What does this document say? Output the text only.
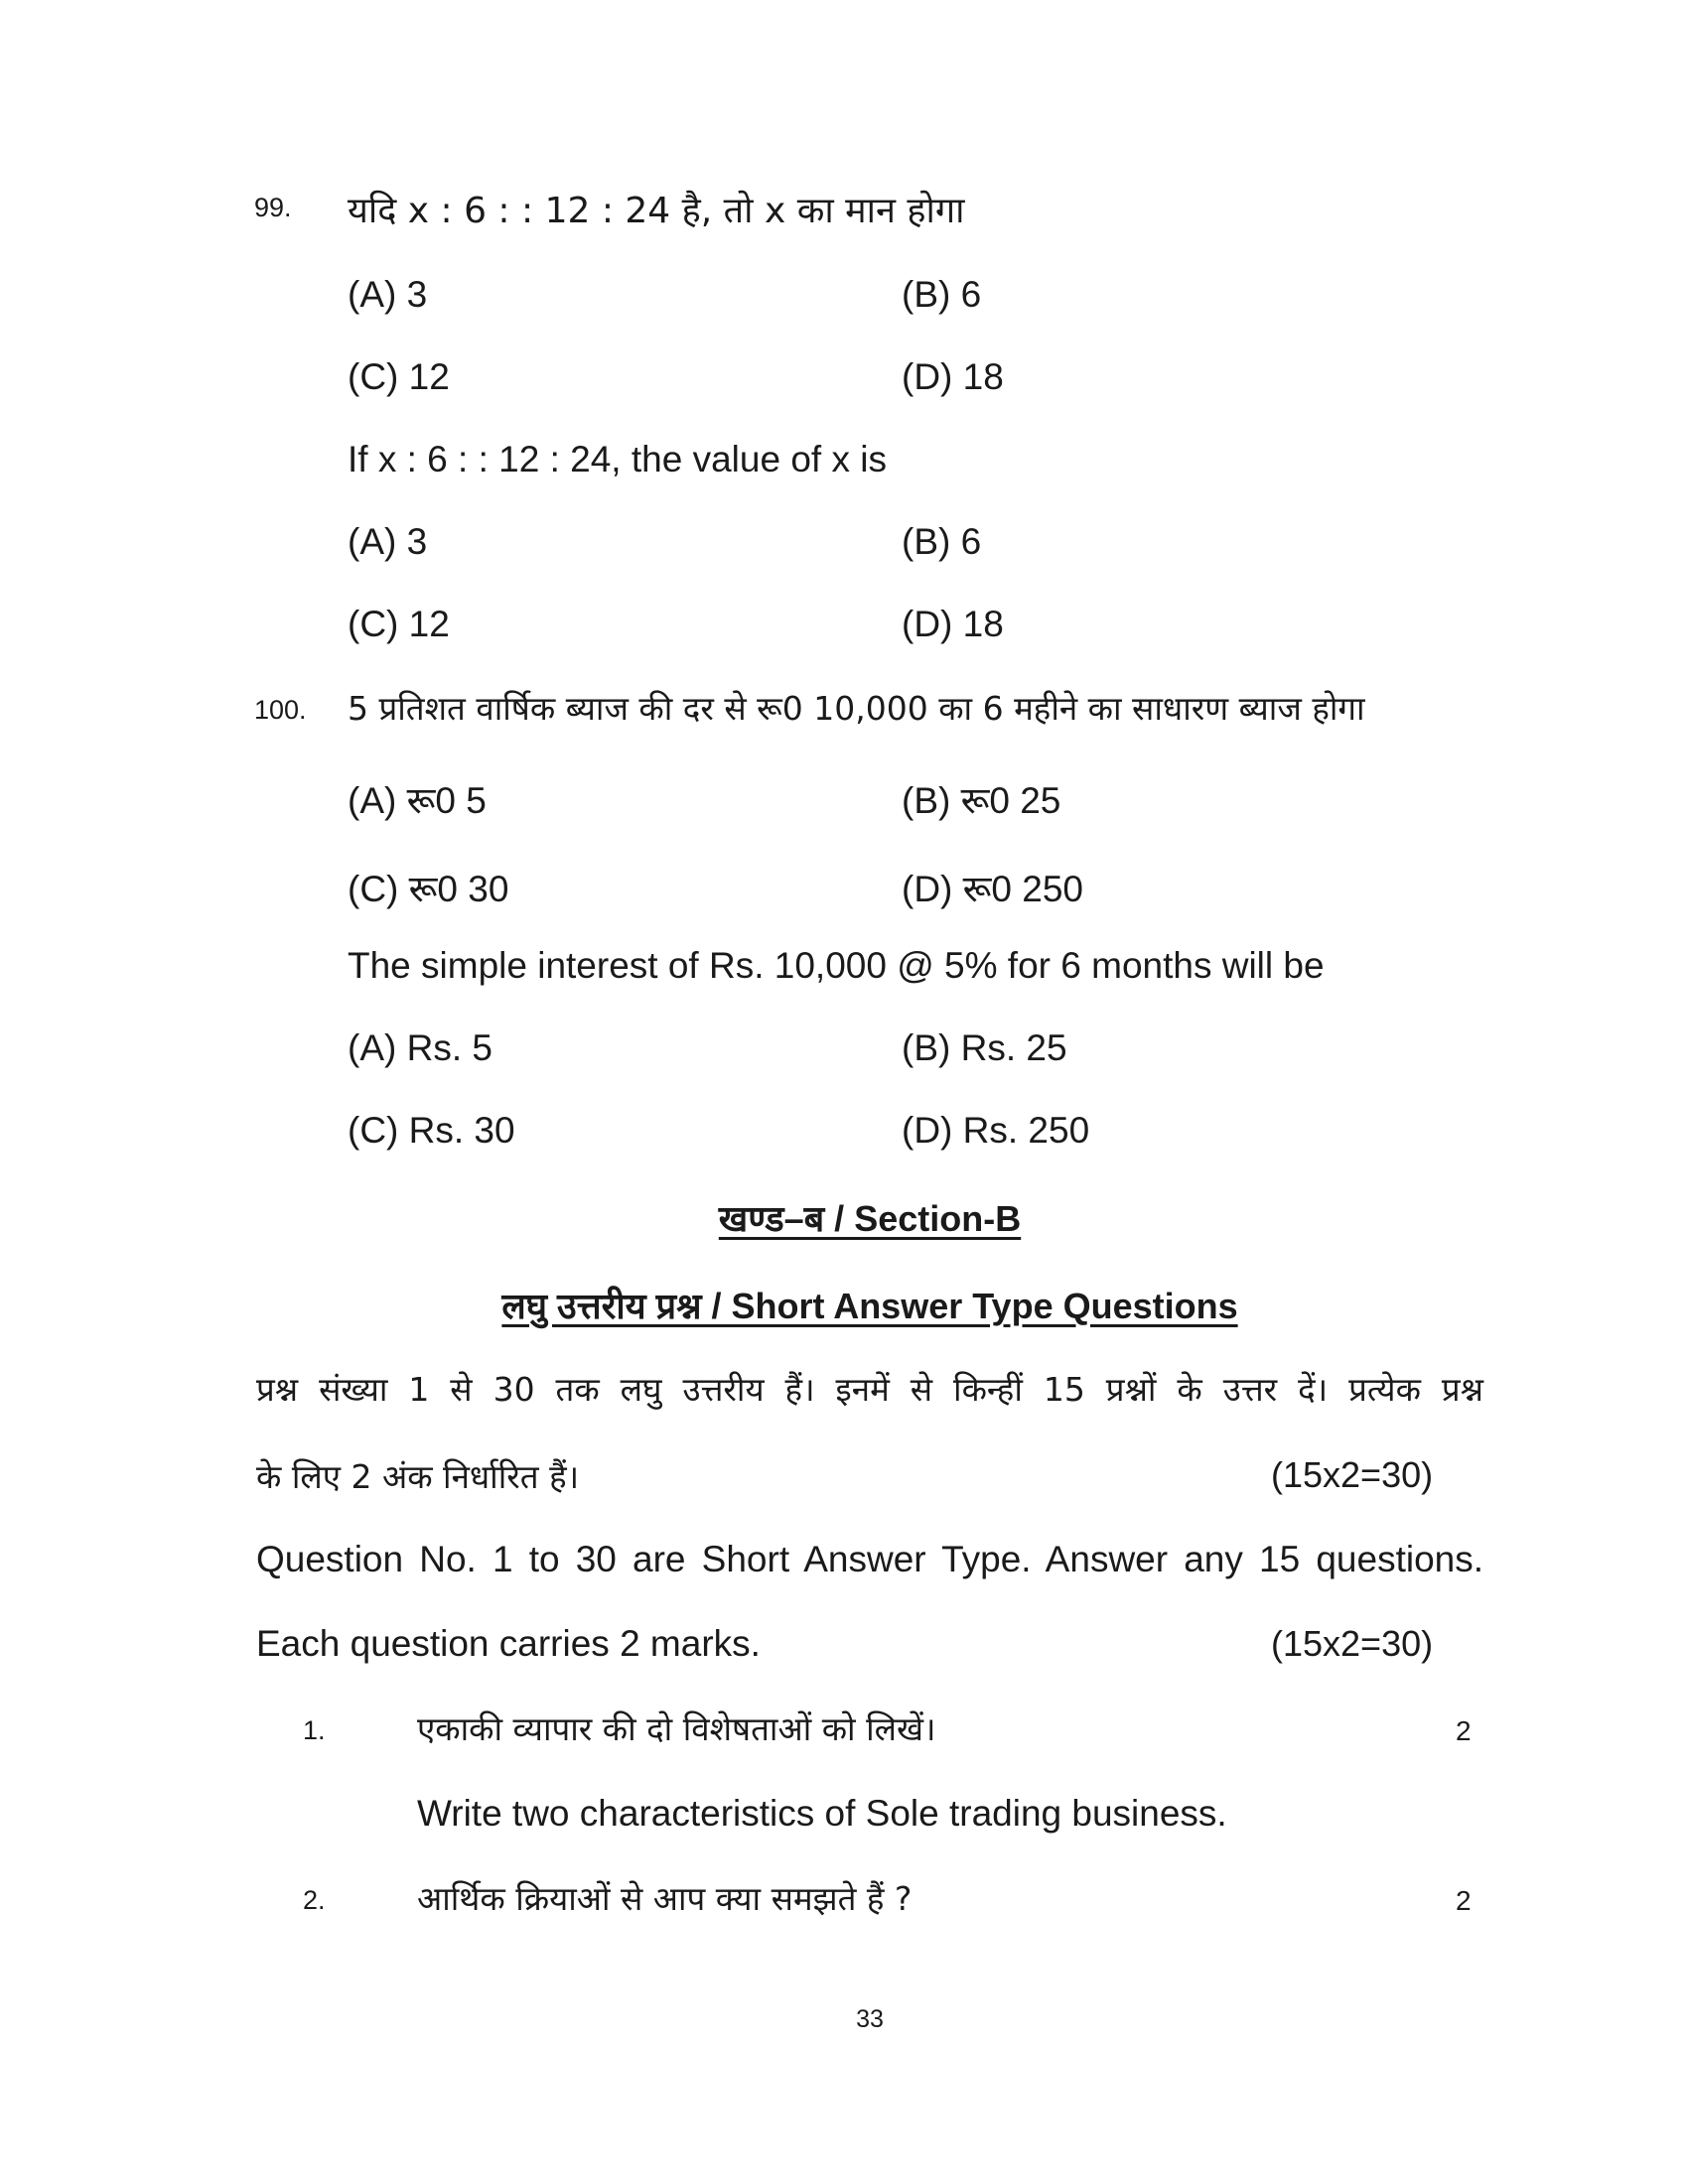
99. यदि x : 6 : : 12 : 24 है, तो x का मान होगा
(A) 3	(B) 6
(C) 12	(D) 18
If x : 6 : : 12 : 24, the value of x is
(A) 3	(B) 6
(C) 12	(D) 18
100. 5 प्रतिशत वार्षिक ब्याज की दर से रू0 10,000 का 6 महीने का साधारण ब्याज होगा
(A) रू0 5	(B) रू0 25
(C) रू0 30	(D) रू0 250
The simple interest of Rs. 10,000 @ 5% for 6 months will be
(A) Rs. 5	(B) Rs. 25
(C) Rs. 30	(D) Rs. 250
खण्ड–ब / Section-B
लघु उत्तरीय प्रश्न / Short Answer Type Questions
प्रश्न संख्या 1 से 30 तक लघु उत्तरीय हैं। इनमें से किन्हीं 15 प्रश्नों के उत्तर दें। प्रत्येक प्रश्न
के लिए 2 अंक निर्धारित हैं।	(15x2=30)
Question No. 1 to 30 are Short Answer Type. Answer any 15 questions.
Each question carries 2 marks.	(15x2=30)
1.	एकाकी व्यापार की दो विशेषताओं को लिखें।	2
Write two characteristics of Sole trading business.
2.	आर्थिक क्रियाओं से आप क्या समझते हैं ?	2
33
